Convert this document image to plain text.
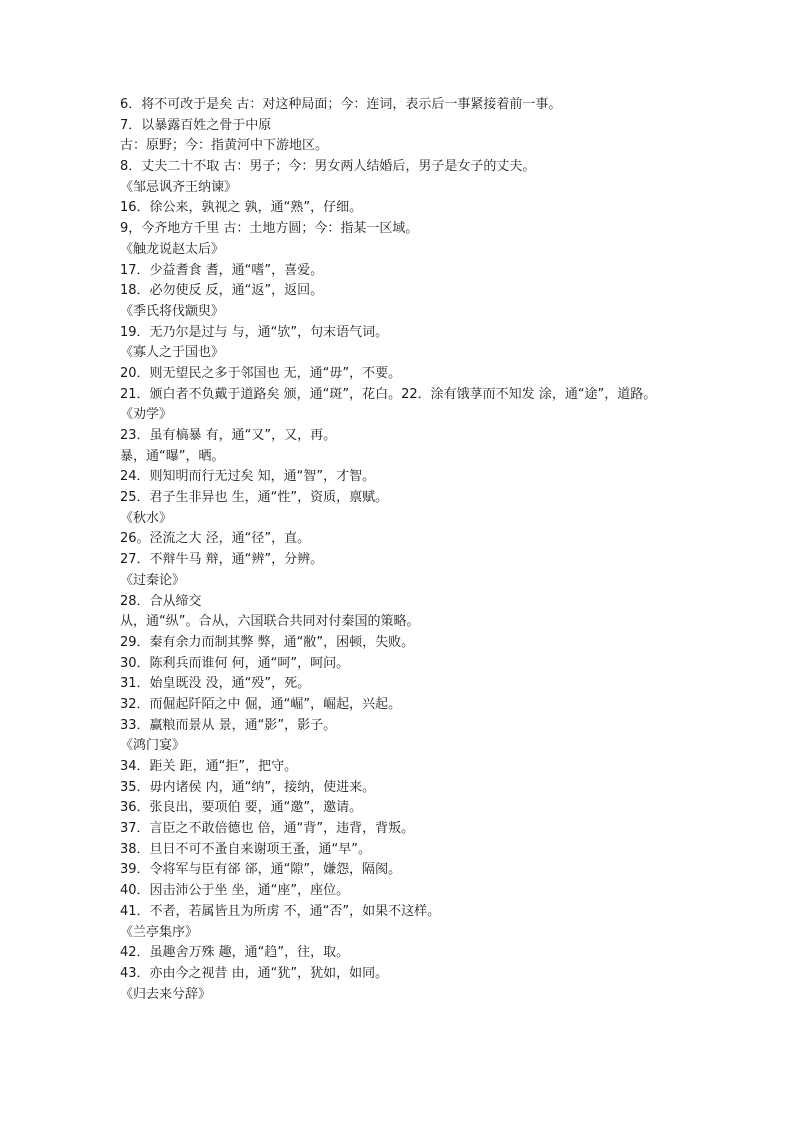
6．将不可改于是矣 古：对这种局面；今：连词，表示后一事紧接着前一事。
7．以暴露百姓之骨于中原
古：原野；今：指黄河中下游地区。
8．丈夫二十不取 古：男子；今：男女两人结婚后，男子是女子的丈夫。
《邹忌讽齐王纳谏》
16．徐公来，孰视之 孰，通“熟”，仔细。
9，今齐地方千里 古：土地方圆；今：指某一区域。
《触龙说赵太后》
17．少益耆食 耆，通“嗜”，喜爱。
18．必勿使反 反，通“返”，返回。
《季氏将伐颛臾》
19．无乃尔是过与 与，通“欤”，句末语气词。
《寡人之于国也》
20．则无望民之多于邻国也 无，通“毋”，不要。
21．颁白者不负戴于道路矣 颁，通“斑”，花白。22．涂有饿莩而不知发 涂，通“途”，道路。
《劝学》
23．虽有槁暴 有，通“又”，又，再。
暴，通“曝”，晒。
24．则知明而行无过矣 知，通“智”，才智。
25．君子生非异也 生，通“性”，资质，禀赋。
《秋水》
26。泾流之大 泾，通“径”，直。
27．不辩牛马 辩，通“辨”，分辨。
《过秦论》
28．合从缔交
从，通“纵”。合从，六国联合共同对付秦国的策略。
29．秦有余力而制其弊 弊，通“敝”，困顿，失败。
30．陈利兵而谁何 何，通“呵”，呵问。
31．始皇既没 没，通“殁”，死。
32．而倔起阡陌之中 倔，通“崛”，崛起，兴起。
33．赢粮而景从 景，通“影”，影子。
《鸿门宴》
34．距关 距，通“拒”，把守。
35．毋内诸侯 内，通“纳”，接纳，使进来。
36．张良出，要项伯 要，通“邀”，邀请。
37．言臣之不敢倍德也 倍，通“背”，违背，背叛。
38．旦日不可不蚤自来谢项王蚤，通“早”。
39．令将军与臣有郤 郤，通“隙”，嫌怨，隔阂。
40．因击沛公于坐 坐，通“座”，座位。
41．不者，若属皆且为所虏 不，通“否”，如果不这样。
《兰亭集序》
42．虽趣舍万殊 趣，通“趋”，往，取。
43．亦由今之视昔 由，通“犹”，犹如，如同。
《归去来兮辞》
